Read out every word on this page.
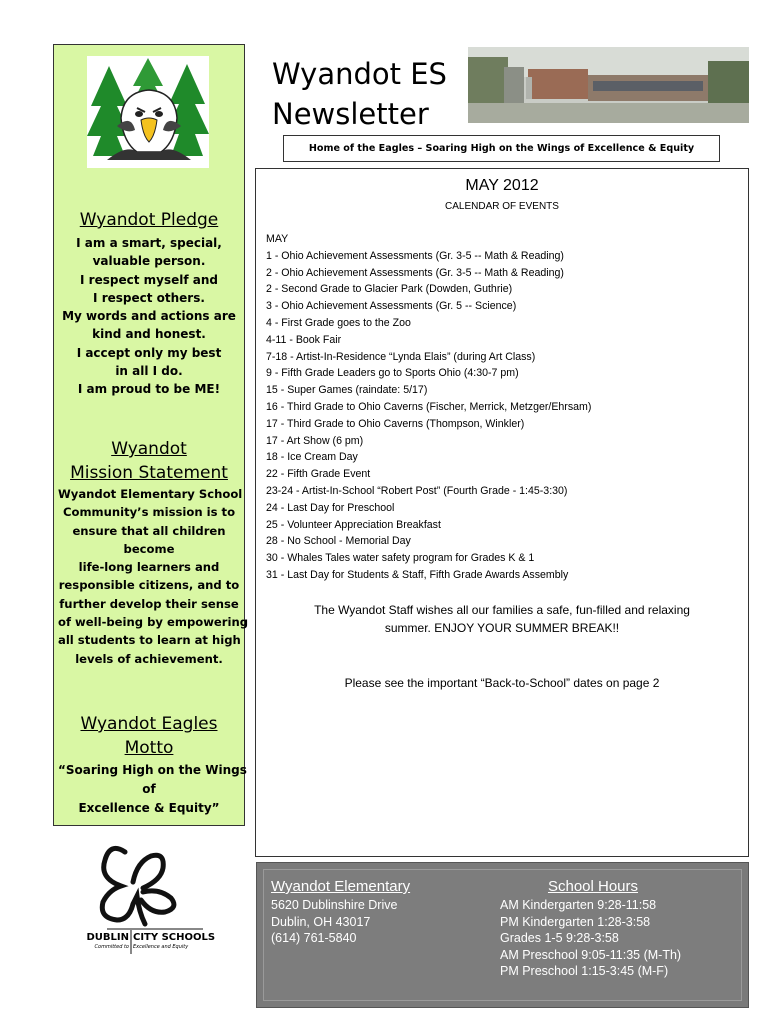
Wyandot Pledge
I am a smart, special,
valuable person.
I respect myself and
I respect others.
My words and actions are
kind and honest.
I accept only my best
in all I do.
I am proud to be ME!
Wyandot
Mission Statement
Wyandot Elementary School
Community’s mission is to
ensure that all children
become
life-long learners and
responsible citizens, and to
further develop their sense
of well-being by empowering
all students to learn at high
levels of achievement.
Wyandot Eagles
Motto
“Soaring High on the Wings
of
Excellence & Equity”
Wyandot ES
Newsletter
Home of the Eagles – Soaring High on the Wings of Excellence & Equity
MAY 2012
CALENDAR OF EVENTS
MAY
1 - Ohio Achievement Assessments (Gr. 3-5 -- Math & Reading)
2 - Ohio Achievement Assessments (Gr. 3-5 -- Math & Reading)
2 - Second Grade to Glacier Park (Dowden, Guthrie)
3 - Ohio Achievement Assessments (Gr. 5 -- Science)
4 - First Grade goes to the Zoo
4-11 - Book Fair
7-18 - Artist-In-Residence “Lynda Elais” (during Art Class)
9 - Fifth Grade Leaders go to Sports Ohio (4:30-7 pm)
15 - Super Games (raindate: 5/17)
16 - Third Grade to Ohio Caverns (Fischer, Merrick, Metzger/Ehrsam)
17 - Third Grade to Ohio Caverns (Thompson, Winkler)
17 - Art Show (6 pm)
18 - Ice Cream Day
22 - Fifth Grade Event
23-24 - Artist-In-School “Robert Post” (Fourth Grade - 1:45-3:30)
24 - Last Day for Preschool
25 - Volunteer Appreciation Breakfast
28 - No School - Memorial Day
30 - Whales Tales water safety program for Grades K & 1
31 - Last Day for Students & Staff, Fifth Grade Awards Assembly
The Wyandot Staff wishes all our families a safe, fun-filled and relaxing
summer. ENJOY YOUR SUMMER BREAK!!
Please see the important “Back-to-School” dates on page 2
DUBLIN CITY SCHOOLS
Committed to Excellence and Equity
Wyandot Elementary
5620 Dublinshire Drive
Dublin, OH 43017
(614) 761-5840
School Hours
AM Kindergarten 9:28-11:58
PM Kindergarten 1:28-3:58
Grades 1-5 9:28-3:58
AM Preschool 9:05-11:35 (M-Th)
PM Preschool 1:15-3:45 (M-F)
